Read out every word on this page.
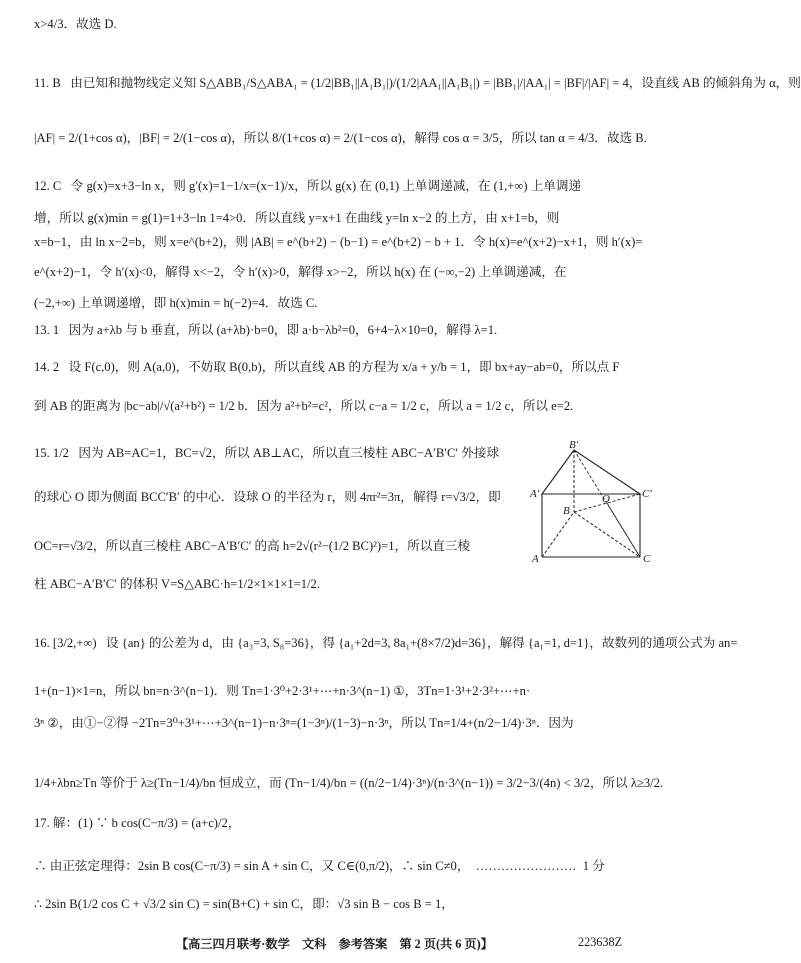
x>4/3．故选 D.
11. B   由已知和抛物线定义知 S△ABB₁/S△ABA₁ = (1/2|BB₁||A₁B₁|)/(1/2|AA₁||A₁B₁|) = |BB₁|/|AA₁| = |BF|/|AF| = 4，设直线 AB 的倾斜角为 α，则
|AF| = 2/(1+cos α)，|BF| = 2/(1−cos α)，所以 8/(1+cos α) = 2/(1−cos α)，解得 cos α = 3/5，所以 tan α = 4/3．故选 B.
12. C   令 g(x)=x+3−ln x，则 g′(x)=1−1/x=(x−1)/x，所以 g(x) 在 (0,1) 上单调递减，在 (1,+∞) 上单调递
增，所以 g(x)min = g(1)=1+3−ln 1=4>0．所以直线 y=x+1 在曲线 y=ln x−2 的上方，由 x+1=b，则
x=b−1，由 ln x−2=b，则 x=e^(b+2)，则 |AB| = e^(b+2) − (b−1) = e^(b+2) − b + 1．令 h(x)=e^(x+2)−x+1，则 h′(x)=
e^(x+2)−1，令 h′(x)<0，解得 x<−2，令 h′(x)>0，解得 x>−2，所以 h(x) 在 (−∞,−2) 上单调递减，在
(−2,+∞) 上单调递增，即 h(x)min = h(−2)=4．故选 C.
13. 1   因为 a+λb 与 b 垂直，所以 (a+λb)·b=0，即 a·b−λb²=0，6+4−λ×10=0，解得 λ=1.
14. 2   设 F(c,0)，则 A(a,0)，不妨取 B(0,b)，所以直线 AB 的方程为 x/a + y/b = 1，即 bx+ay−ab=0，所以点 F
到 AB 的距离为 |bc−ab|/√(a²+b²) = 1/2 b．因为 a²+b²=c²，所以 c−a = 1/2 c，所以 a = 1/2 c，所以 e=2.
15. 1/2   因为 AB=AC=1，BC=√2，所以 AB⊥AC，所以直三棱柱 ABC−A′B′C′ 外接球
的球心 O 即为侧面 BCC′B′ 的中心．设球 O 的半径为 r，则 4πr²=3π，解得 r=√3/2，即
OC=r=√3/2，所以直三棱柱 ABC−A′B′C′ 的高 h=2√(r²−(1/2 BC)²)=1，所以直三棱
柱 ABC−A′B′C′ 的体积 V=S△ABC·h=1/2×1×1×1=1/2.
16. [3/2,+∞)   设 {an} 的公差为 d，由 {a₃=3, S₈=36}，得 {a₁+2d=3, 8a₁+(8×7/2)d=36}，解得 {a₁=1, d=1}，故数列的通项公式为 an=
1+(n−1)×1=n，所以 bn=n·3^(n−1)．则 Tn=1·3⁰+2·3¹+⋯+n·3^(n−1) ①，3Tn=1·3¹+2·3²+⋯+n·
3ⁿ ②，由①−②得 −2Tn=3⁰+3¹+⋯+3^(n−1)−n·3ⁿ=(1−3ⁿ)/(1−3)−n·3ⁿ，所以 Tn=1/4+(n/2−1/4)·3ⁿ．因为
1/4+λbn≥Tn 等价于 λ≥(Tn−1/4)/bn 恒成立，而 (Tn−1/4)/bn = ((n/2−1/4)·3ⁿ)/(n·3^(n−1)) = 3/2−3/(4n) < 3/2，所以 λ≥3/2.
17. 解：(1) ∵ b cos(C−π/3) = (a+c)/2，
∴ 由正弦定理得：2sin B cos(C−π/3) = sin A + sin C，又 C∈(0,π/2)，∴ sin C≠0，  ……………………  1 分
∴ 2sin B(1/2 cos C + √3/2 sin C) = sin(B+C) + sin C，即：√3 sin B − cos B = 1，
B′
A′	C′
O
B
A	C
【高三四月联考·数学　文科　参考答案　第 2 页(共 6 页)】	223638Z
